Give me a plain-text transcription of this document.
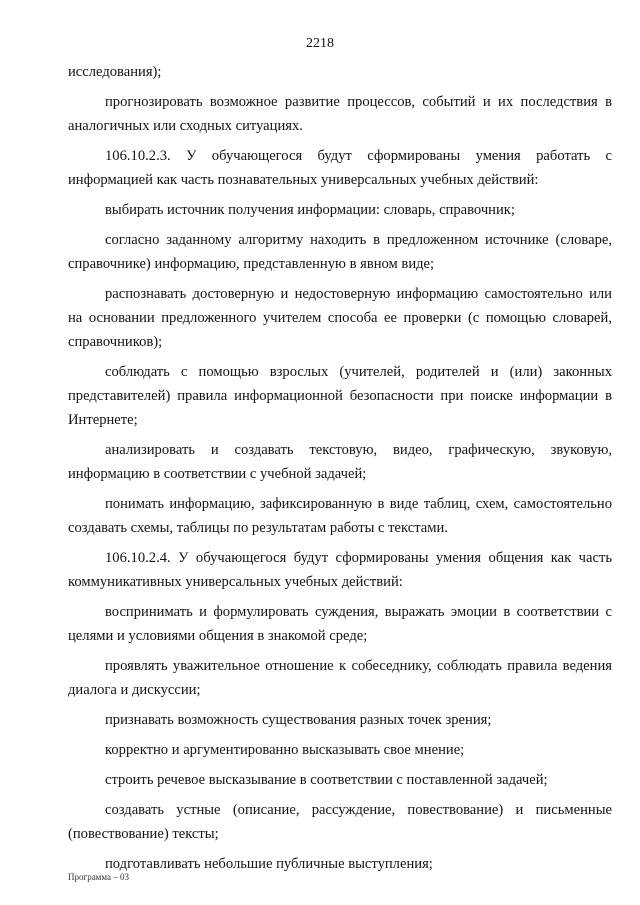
2218

исследования);

прогнозировать возможное развитие процессов, событий и их последствия в аналогичных или сходных ситуациях.

106.10.2.3. У обучающегося будут сформированы умения работать с информацией как часть познавательных универсальных учебных действий:

выбирать источник получения информации: словарь, справочник;

согласно заданному алгоритму находить в предложенном источнике (словаре, справочнике) информацию, представленную в явном виде;

распознавать достоверную и недостоверную информацию самостоятельно или на основании предложенного учителем способа ее проверки (с помощью словарей, справочников);

соблюдать с помощью взрослых (учителей, родителей и (или) законных представителей) правила информационной безопасности при поиске информации в Интернете;

анализировать и создавать текстовую, видео, графическую, звуковую, информацию в соответствии с учебной задачей;

понимать информацию, зафиксированную в виде таблиц, схем, самостоятельно создавать схемы, таблицы по результатам работы с текстами.

106.10.2.4. У обучающегося будут сформированы умения общения как часть коммуникативных универсальных учебных действий:

воспринимать и формулировать суждения, выражать эмоции в соответствии с целями и условиями общения в знакомой среде;

проявлять уважительное отношение к собеседнику, соблюдать правила ведения диалога и дискуссии;

признавать возможность существования разных точек зрения;

корректно и аргументированно высказывать свое мнение;

строить речевое высказывание в соответствии с поставленной задачей;

создавать устные (описание, рассуждение, повествование) и письменные (повествование) тексты;

подготавливать небольшие публичные выступления;

Программа – 03
